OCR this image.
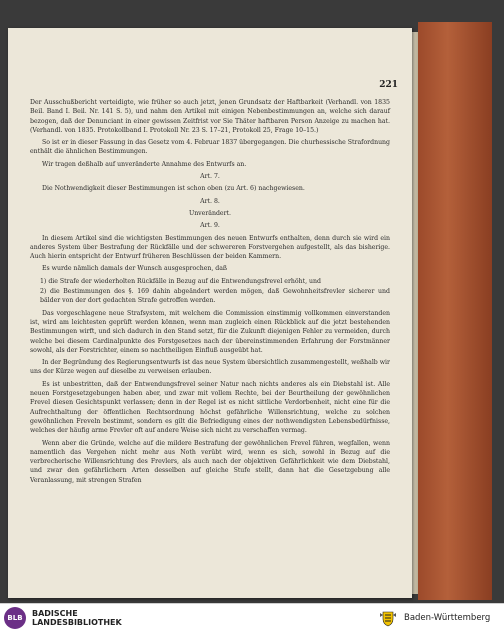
221

Der Ausschußbericht verteidigte, wie früher so auch jetzt, jenen Grundsatz der Haftbarkeit (Verhandl. von 1835 Beil. Band I. Beil. Nr. 141 S. 5), und nahm den Artikel mit einigen Nebenbestimmungen an, welche sich darauf bezogen, daß der Denunciant in einer gewissen Zeitfrist vor Sie Thäter haftbaren Person Anzeige zu machen hat. (Verhandl. von 1835. Protokollband I. Protokoll Nr. 23 S. 17–21, Protokoll 25, Frage 10–15.)

So ist er in dieser Fassung in das Gesetz vom 4. Februar 1837 übergegangen. Die churhessische Strafordnung enthält die ähnlichen Bestimmungen.

Wir tragen deßhalb auf unveränderte Annahme des Entwurfs an.

Art. 7.

Die Nothwendigkeit dieser Bestimmungen ist schon oben (zu Art. 6) nachgewiesen.

Art. 8.

Unverändert.

Art. 9.

In diesem Artikel sind die wichtigsten Bestimmungen des neuen Entwurfs enthalten, denn durch sie wird ein anderes System über Bestrafung der Rückfälle und der schwereren Forstvergehen aufgestellt, als das bisherige. Auch hierin entspricht der Entwurf früheren Beschlüssen der beiden Kammern.

Es wurde nämlich damals der Wunsch ausgesprochen, daß

1) die Strafe der wiederholten Rückfälle in Bezug auf die Entwendungsfrevel erhöht, und
2) die Bestimmungen des §. 169 dahin abgeändert werden mögen, daß Gewohnheitsfrevler sicherer und bälder von der dort gedachten Strafe getroffen werden.

Das vorgeschlagene neue Strafsystem, mit welchem die Commission einstimmig vollkommen einverstanden ist, wird am leichtesten geprüft werden können, wenn man zugleich einen Rückblick auf die jetzt bestehenden Bestimmungen wirft, und sich dadurch in den Stand setzt, für die Zukunft diejenigen Fehler zu vermeiden, durch welche bei diesem Cardinalpunkte des Forstgesetzes nach der übereinstimmenden Erfahrung der Forstmänner sowohl, als der Forstrichter, einem so nachtheiligen Einfluß ausgeübt hat.

In der Begründung des Regierungsentwurfs ist das neue System übersichtlich zusammengestellt, weßhalb wir uns der Kürze wegen auf dieselbe zu verweisen erlauben.

Es ist unbestritten, daß der Entwendungsfrevel seiner Natur nach nichts anderes als ein Diebstahl ist. Alle neuen Forstgesetzgebungen haben aber, und zwar mit vollem Rechte, bei der Beurtheilung der gewöhnlichen Frevel diesen Gesichtspunkt verlassen; denn in der Regel ist es nicht sittliche Verdorbenheit, nicht eine für die Aufrechthaltung der öffentlichen Rechtsordnung höchst gefährliche Willensrichtung, welche zu solchen gewöhnlichen Freveln bestimmt, sondern es gilt die Befriedigung eines der nothwendigsten Lebensbedürfnisse, welches der häufig arme Frevler oft auf andere Weise sich nicht zu verschaffen vermag.

Wenn aber die Gründe, welche auf die mildere Bestrafung der gewöhnlichen Frevel führen, wegfallen, wenn namentlich das Vergehen nicht mehr aus Noth verübt wird, wenn es sich, sowohl in Bezug auf die verbrecherische Willensrichtung des Frevlers, als auch nach der objektiven Gefährlichkeit wie dem Diebstahl, und zwar den gefährlichern Arten desselben auf gleiche Stufe stellt, dann hat die Gesetzgebung alle Veranlassung, mit strengen Strafen

BLB	BADISCHE
LANDESBIBLIOTHEK	Baden-Württemberg
